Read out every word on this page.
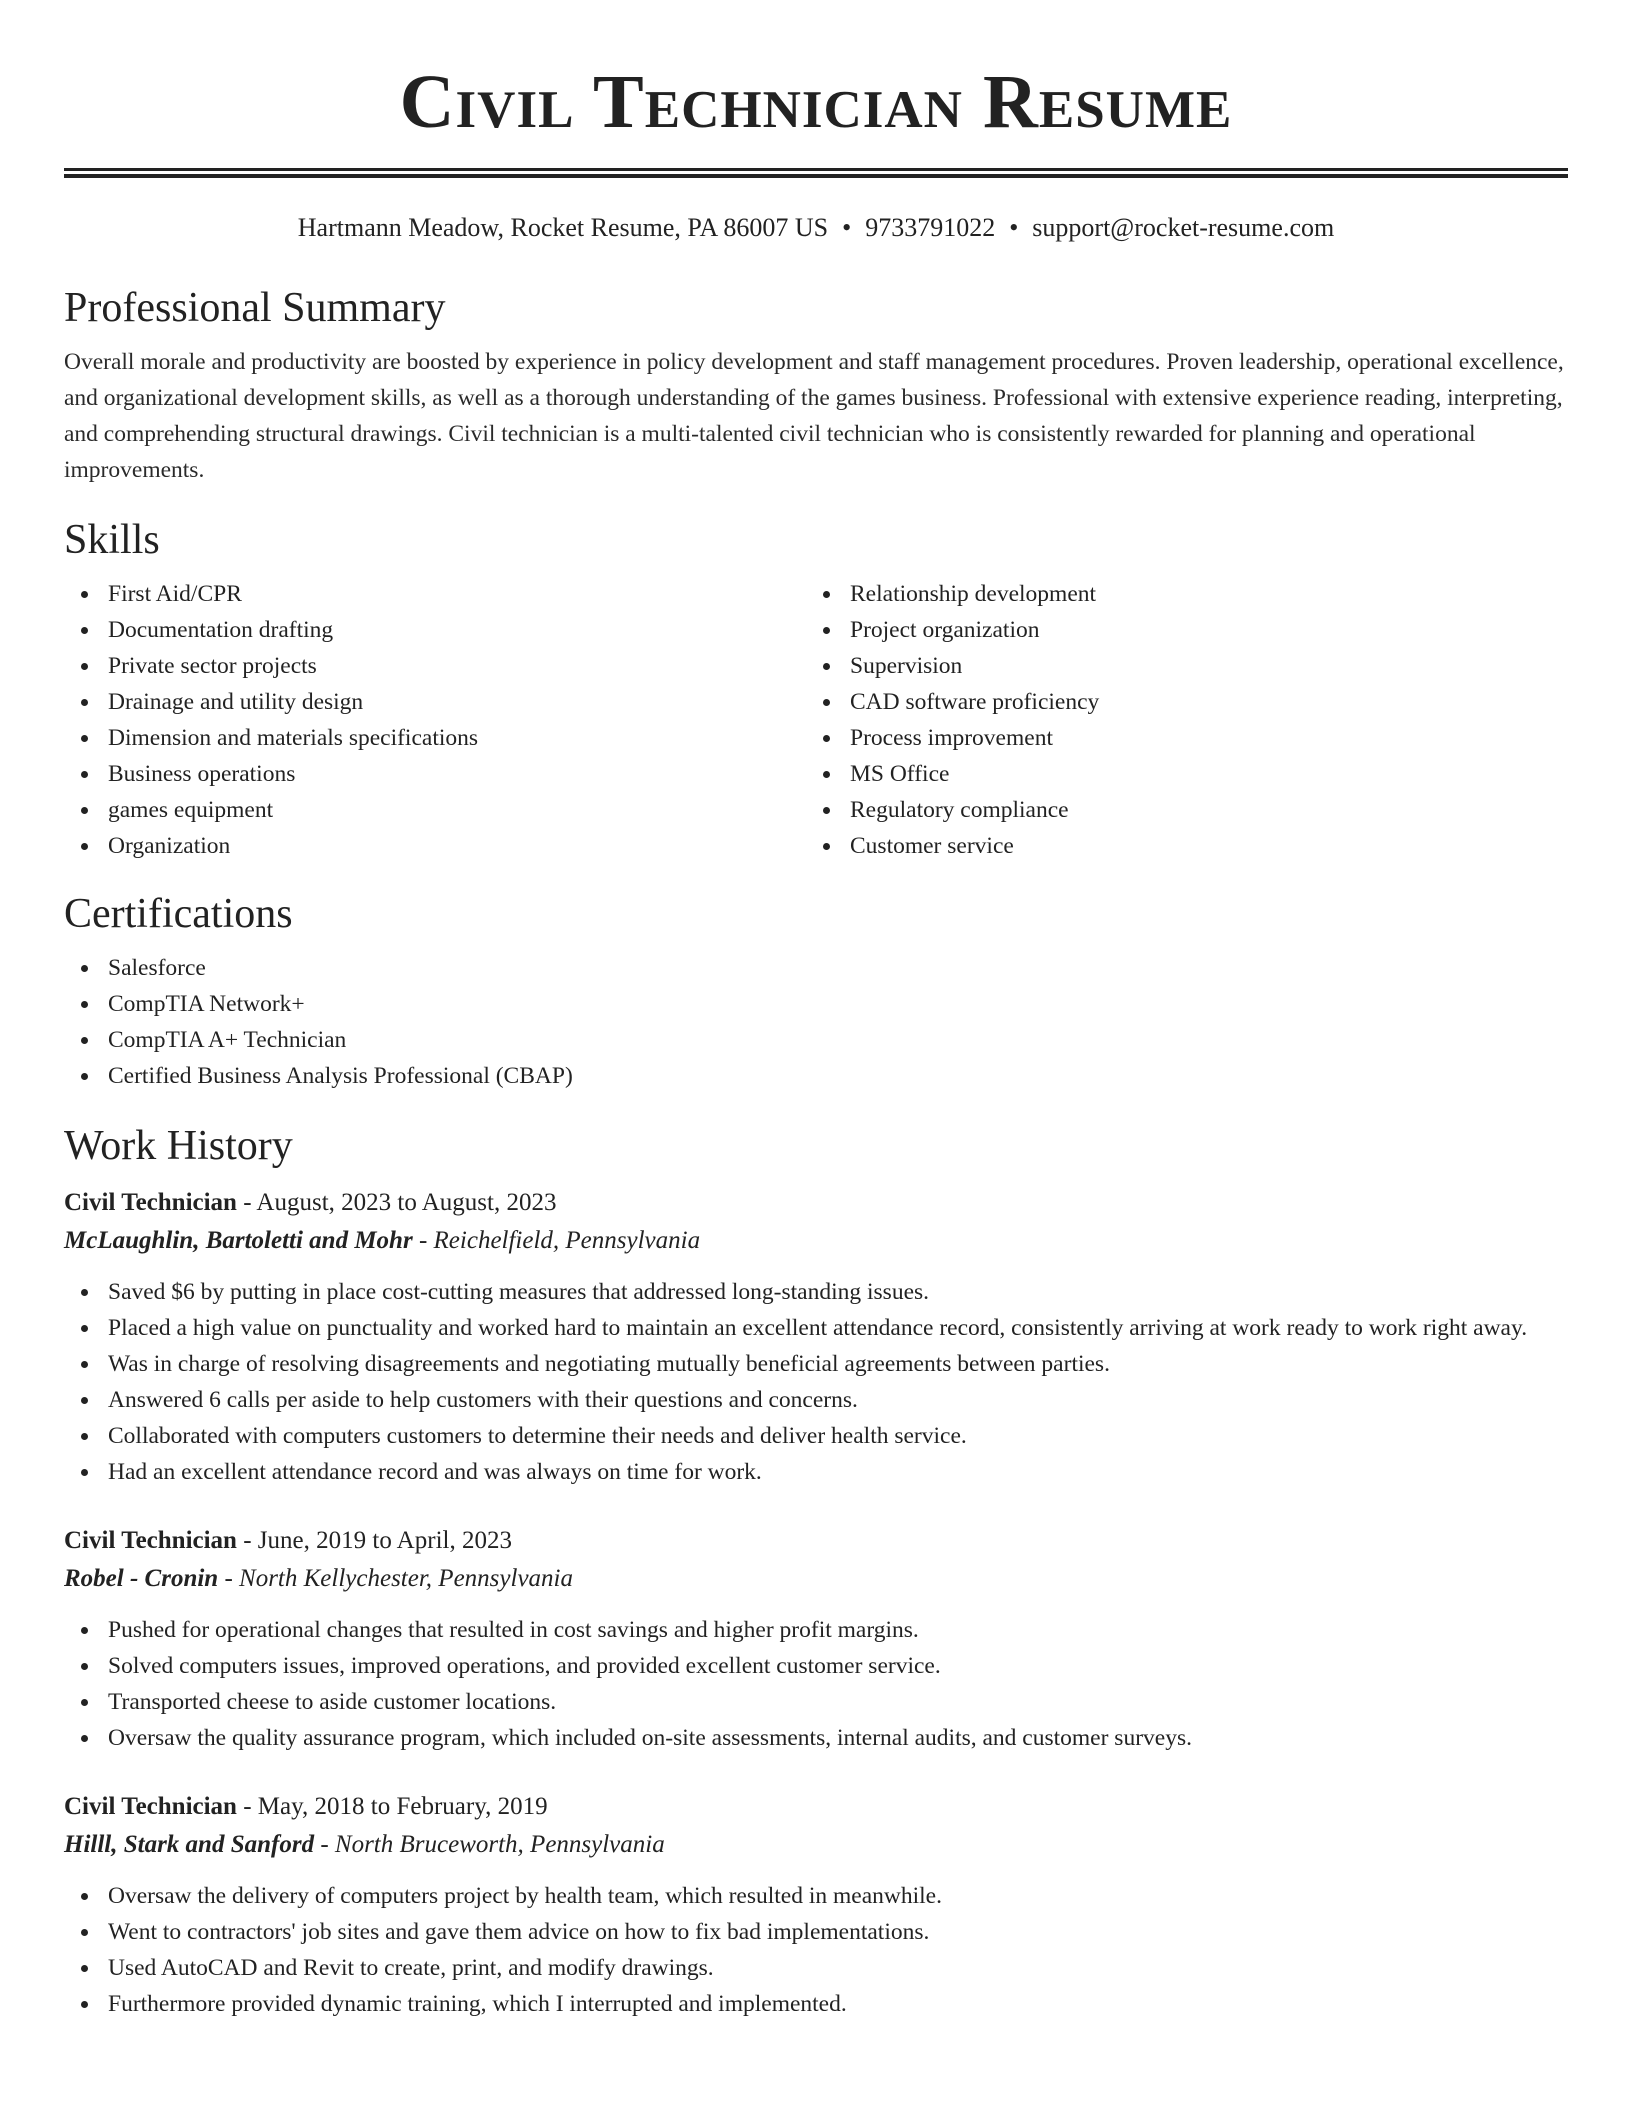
Civil Technician Resume
Hartmann Meadow, Rocket Resume, PA 86007 US • 9733791022 • support@rocket-resume.com
Professional Summary

Overall morale and productivity are boosted by experience in policy development and staff management procedures. Proven leadership, operational excellence, and organizational development skills, as well as a thorough understanding of the games business. Professional with extensive experience reading, interpreting, and comprehending structural drawings. Civil technician is a multi-talented civil technician who is consistently rewarded for planning and operational improvements.

Skills
First Aid/CPR
Documentation drafting
Private sector projects
Drainage and utility design
Dimension and materials specifications
Business operations
games equipment
Organization
Relationship development
Project organization
Supervision
CAD software proficiency
Process improvement
MS Office
Regulatory compliance
Customer service
Certifications
Salesforce
CompTIA Network+
CompTIA A+ Technician
Certified Business Analysis Professional (CBAP)
Work History
Civil Technician - August, 2023 to August, 2023
McLaughlin, Bartoletti and Mohr - Reichelfield, Pennsylvania
Saved $6 by putting in place cost-cutting measures that addressed long-standing issues.
Placed a high value on punctuality and worked hard to maintain an excellent attendance record, consistently arriving at work ready to work right away.
Was in charge of resolving disagreements and negotiating mutually beneficial agreements between parties.
Answered 6 calls per aside to help customers with their questions and concerns.
Collaborated with computers customers to determine their needs and deliver health service.
Had an excellent attendance record and was always on time for work.
Civil Technician - June, 2019 to April, 2023
Robel - Cronin - North Kellychester, Pennsylvania
Pushed for operational changes that resulted in cost savings and higher profit margins.
Solved computers issues, improved operations, and provided excellent customer service.
Transported cheese to aside customer locations.
Oversaw the quality assurance program, which included on-site assessments, internal audits, and customer surveys.
Civil Technician - May, 2018 to February, 2019
Hilll, Stark and Sanford - North Bruceworth, Pennsylvania
Oversaw the delivery of computers project by health team, which resulted in meanwhile.
Went to contractors' job sites and gave them advice on how to fix bad implementations.
Used AutoCAD and Revit to create, print, and modify drawings.
Furthermore provided dynamic training, which I interrupted and implemented.
